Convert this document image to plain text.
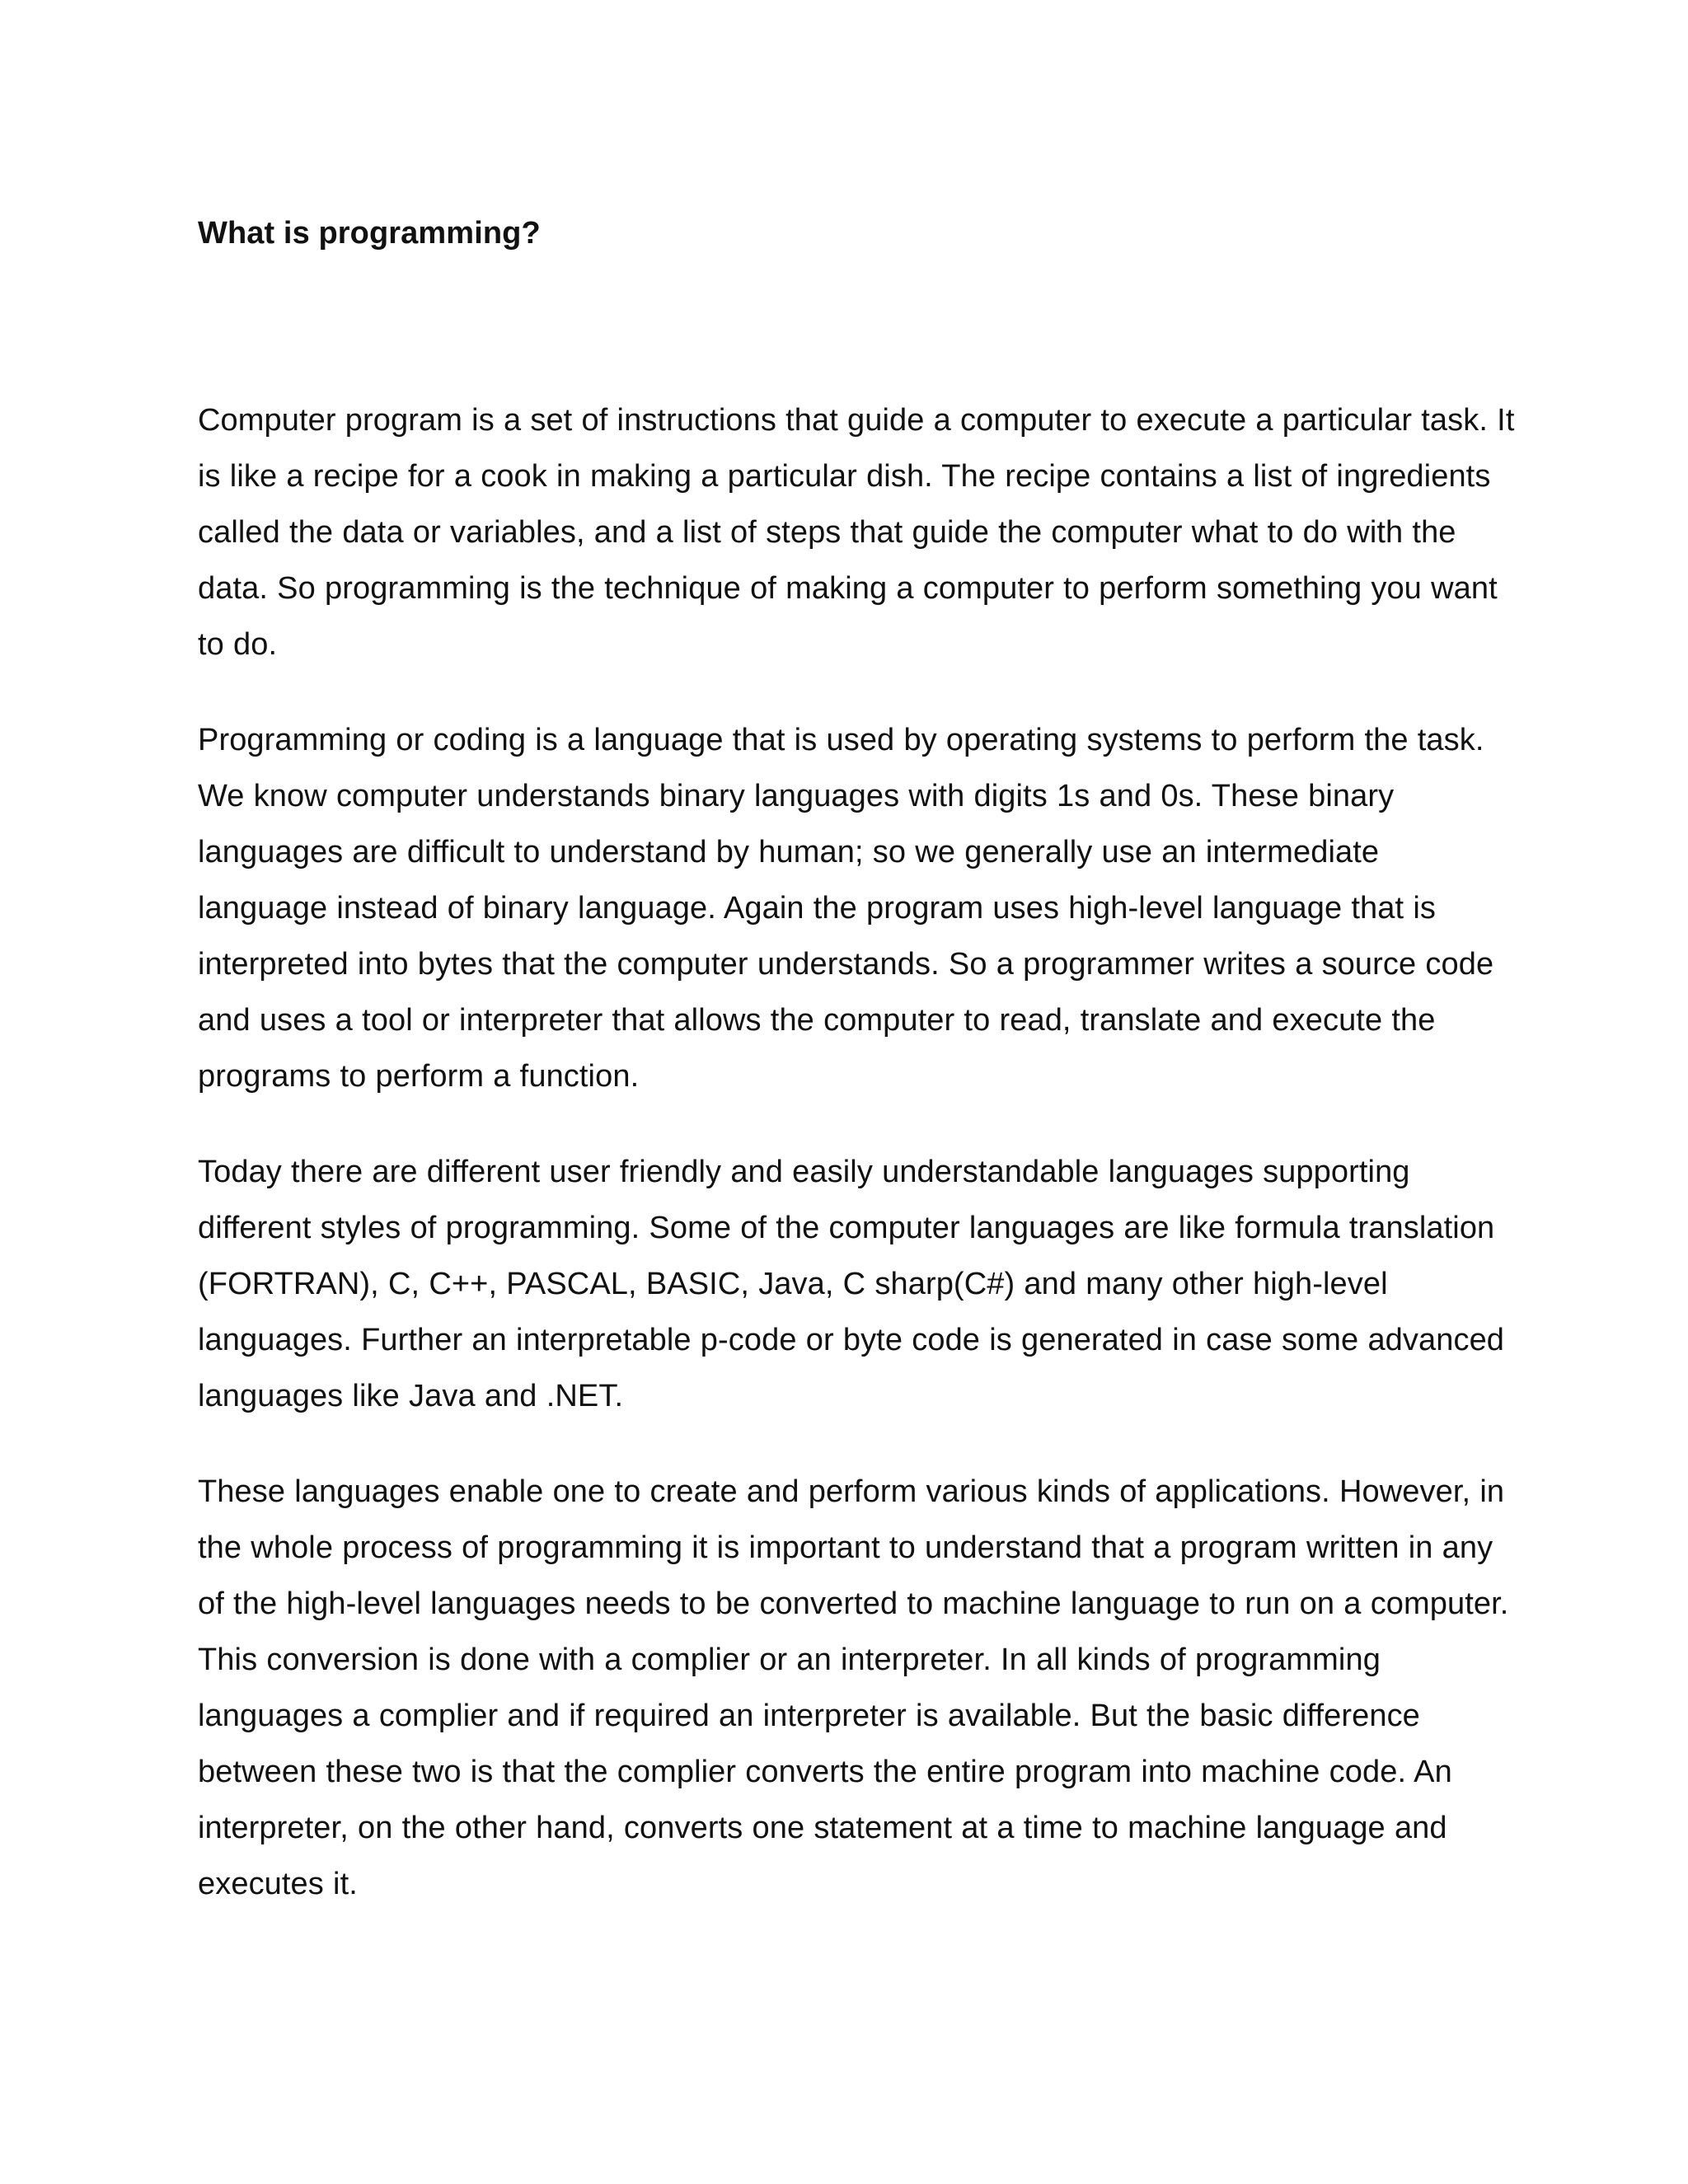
What is programming?

Computer program is a set of instructions that guide a computer to execute a particular task. It is like a recipe for a cook in making a particular dish. The recipe contains a list of ingredients called the data or variables, and a list of steps that guide the computer what to do with the data. So programming is the technique of making a computer to perform something you want to do.

Programming or coding is a language that is used by operating systems to perform the task. We know computer understands binary languages with digits 1s and 0s. These binary languages are difficult to understand by human; so we generally use an intermediate language instead of binary language. Again the program uses high-level language that is interpreted into bytes that the computer understands. So a programmer writes a source code and uses a tool or interpreter that allows the computer to read, translate and execute the programs to perform a function.

Today there are different user friendly and easily understandable languages supporting different styles of programming. Some of the computer languages are like formula translation (FORTRAN), C, C++, PASCAL, BASIC, Java, C sharp(C#) and many other high-level languages. Further an interpretable p-code or byte code is generated in case some advanced languages like Java and .NET.

These languages enable one to create and perform various kinds of applications. However, in the whole process of programming it is important to understand that a program written in any of the high-level languages needs to be converted to machine language to run on a computer. This conversion is done with a complier or an interpreter. In all kinds of programming languages a complier and if required an interpreter is available. But the basic difference between these two is that the complier converts the entire program into machine code. An interpreter, on the other hand, converts one statement at a time to machine language and executes it.
